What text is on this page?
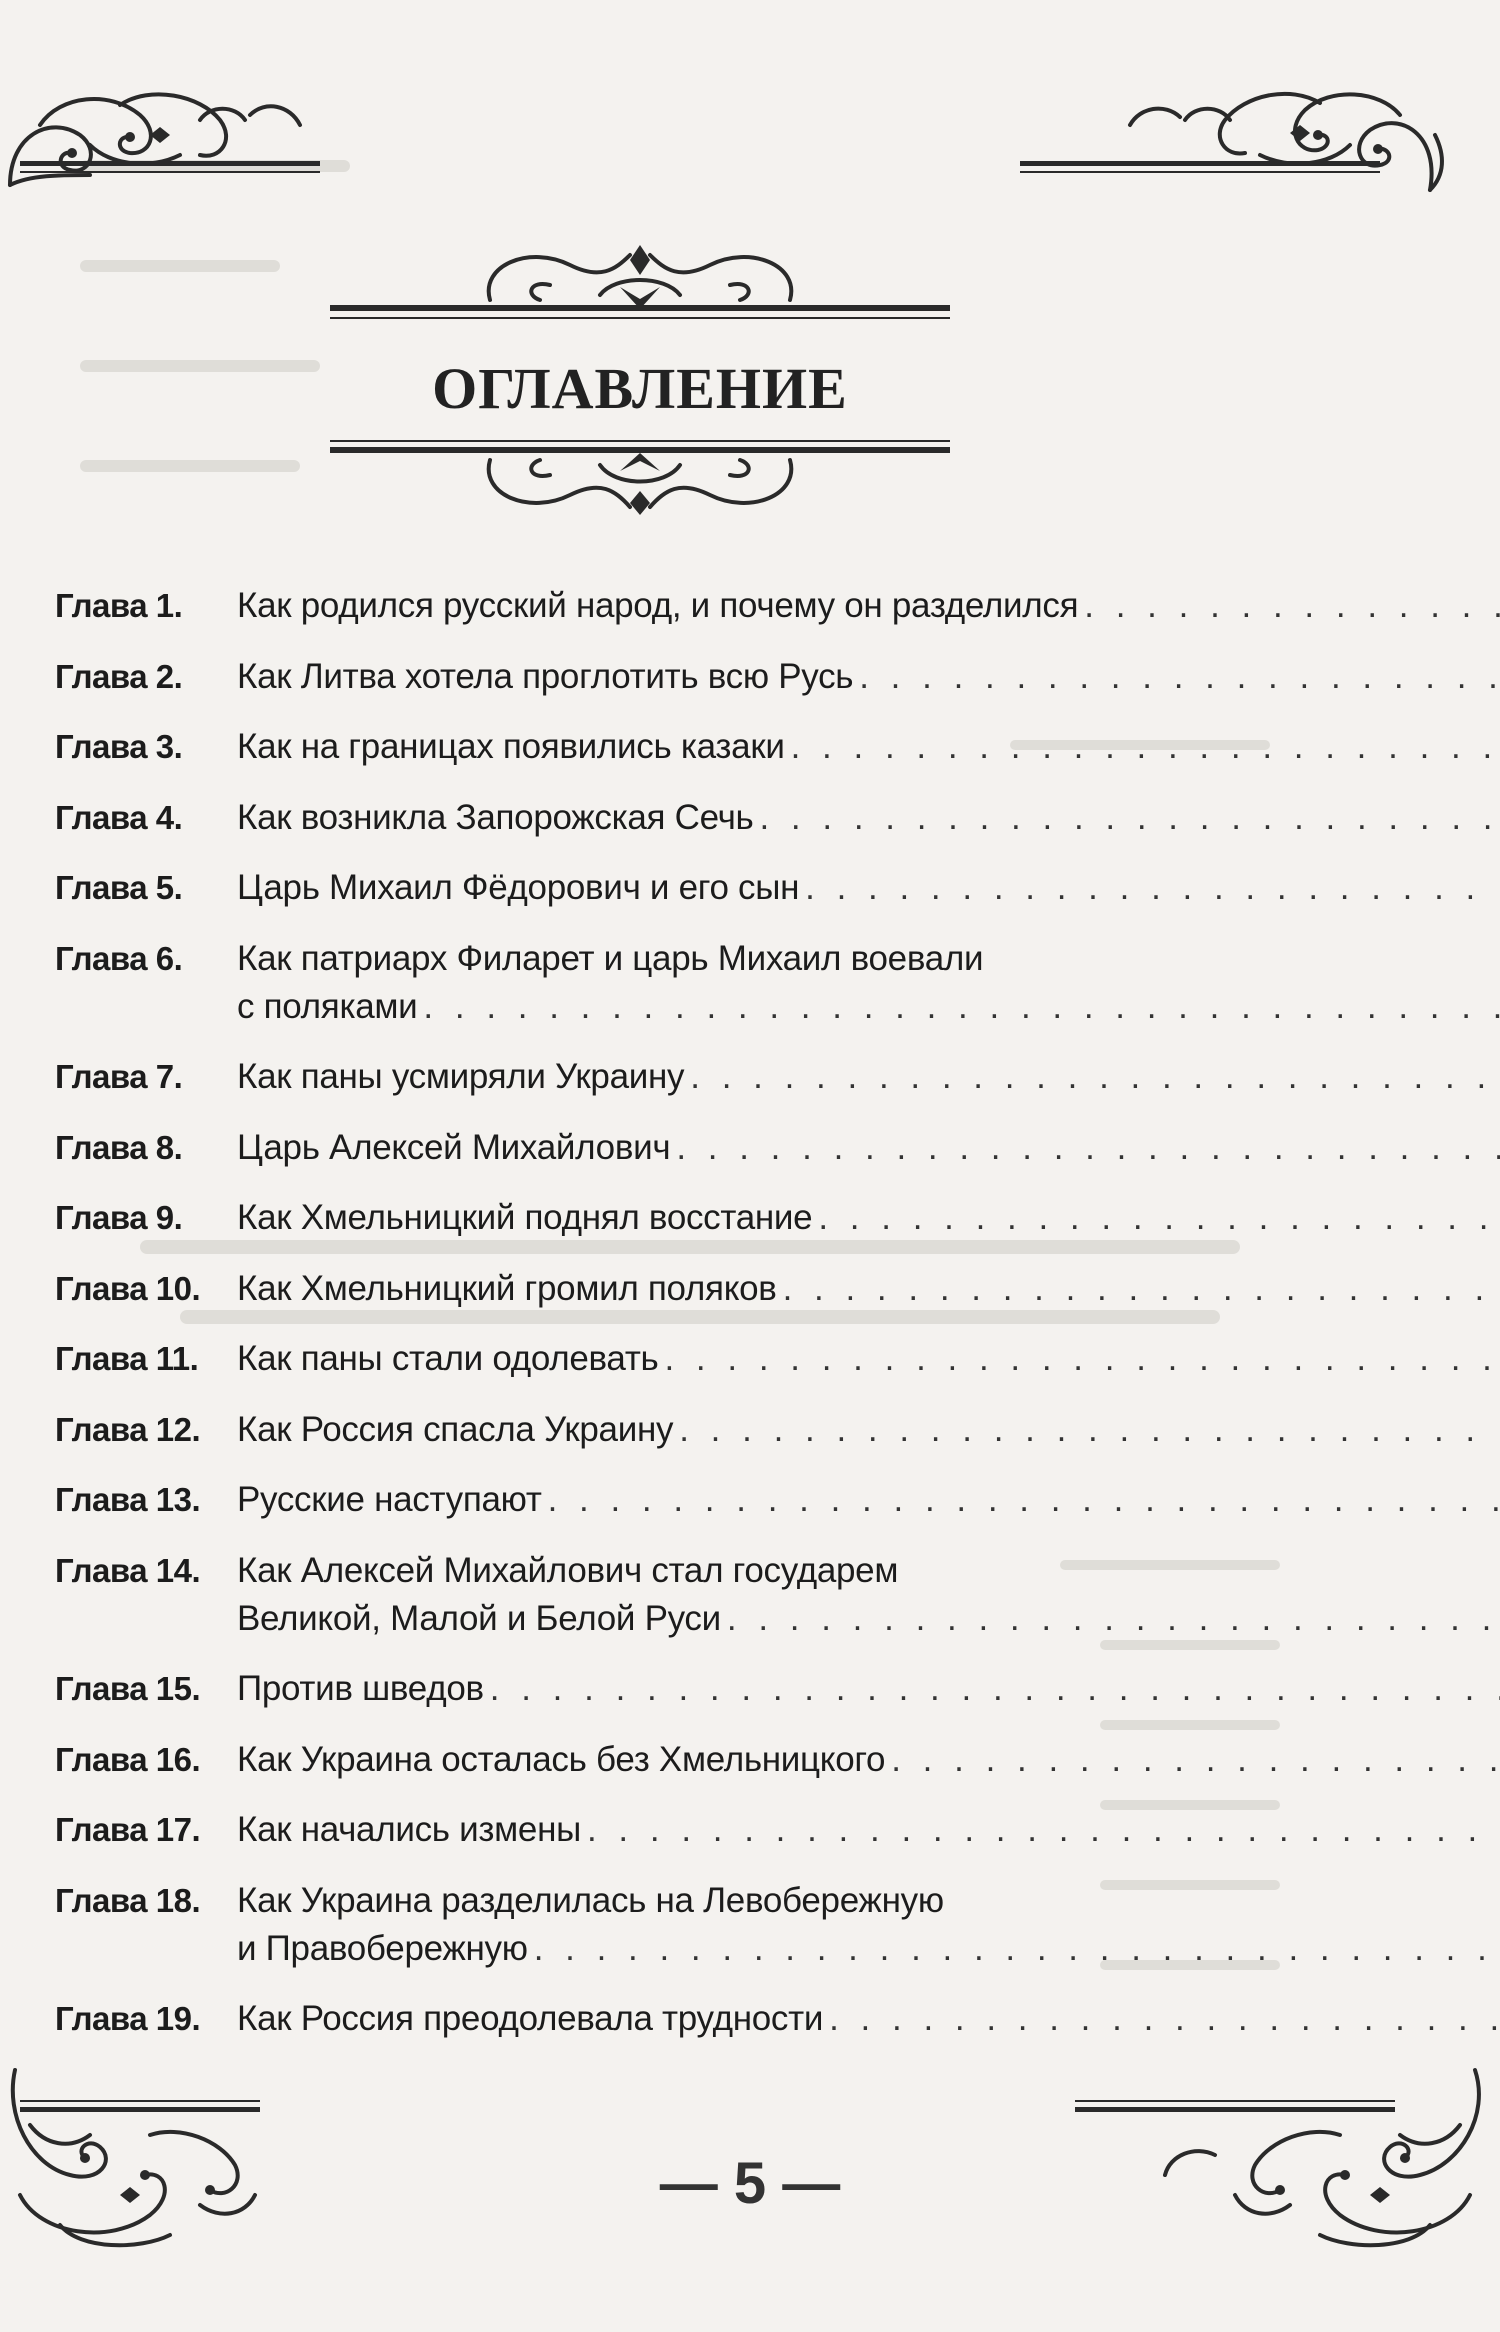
ОГЛАВЛЕНИЕ
Глава 1.	Как родился русский народ, и почему он разделился
. . .
Глава 2.	Как Литва хотела проглотить всю Русь
. . .
Глава 3.	Как на границах появились казаки
. . .
Глава 4.	Как возникла Запорожская Сечь
. . .
Глава 5.	Царь Михаил Фёдорович и его сын
. . .
Глава 6.	Как патриарх Филарет и царь Михаил воевали
с поляками
. . .
Глава 7.	Как паны усмиряли Украину
. . .
Глава 8.	Царь Алексей Михайлович
. . .
Глава 9.	Как Хмельницкий поднял восстание
. . .
Глава 10.	Как Хмельницкий громил поляков
. . .
Глава 11.	Как паны стали одолевать
. . .
Глава 12.	Как Россия спасла Украину
. . .
Глава 13.	Русские наступают
. . .
Глава 14.	Как Алексей Михайлович стал государем
Великой, Малой и Белой Руси
. . .
Глава 15.	Против шведов
. . .
Глава 16.	Как Украина осталась без Хмельницкого
. . .
Глава 17.	Как начались измены
. . .
Глава 18.	Как Украина разделилась на Левобережную
и Правобережную
. . .
Глава 19.	Как Россия преодолевала трудности
. . .
— 5 —
